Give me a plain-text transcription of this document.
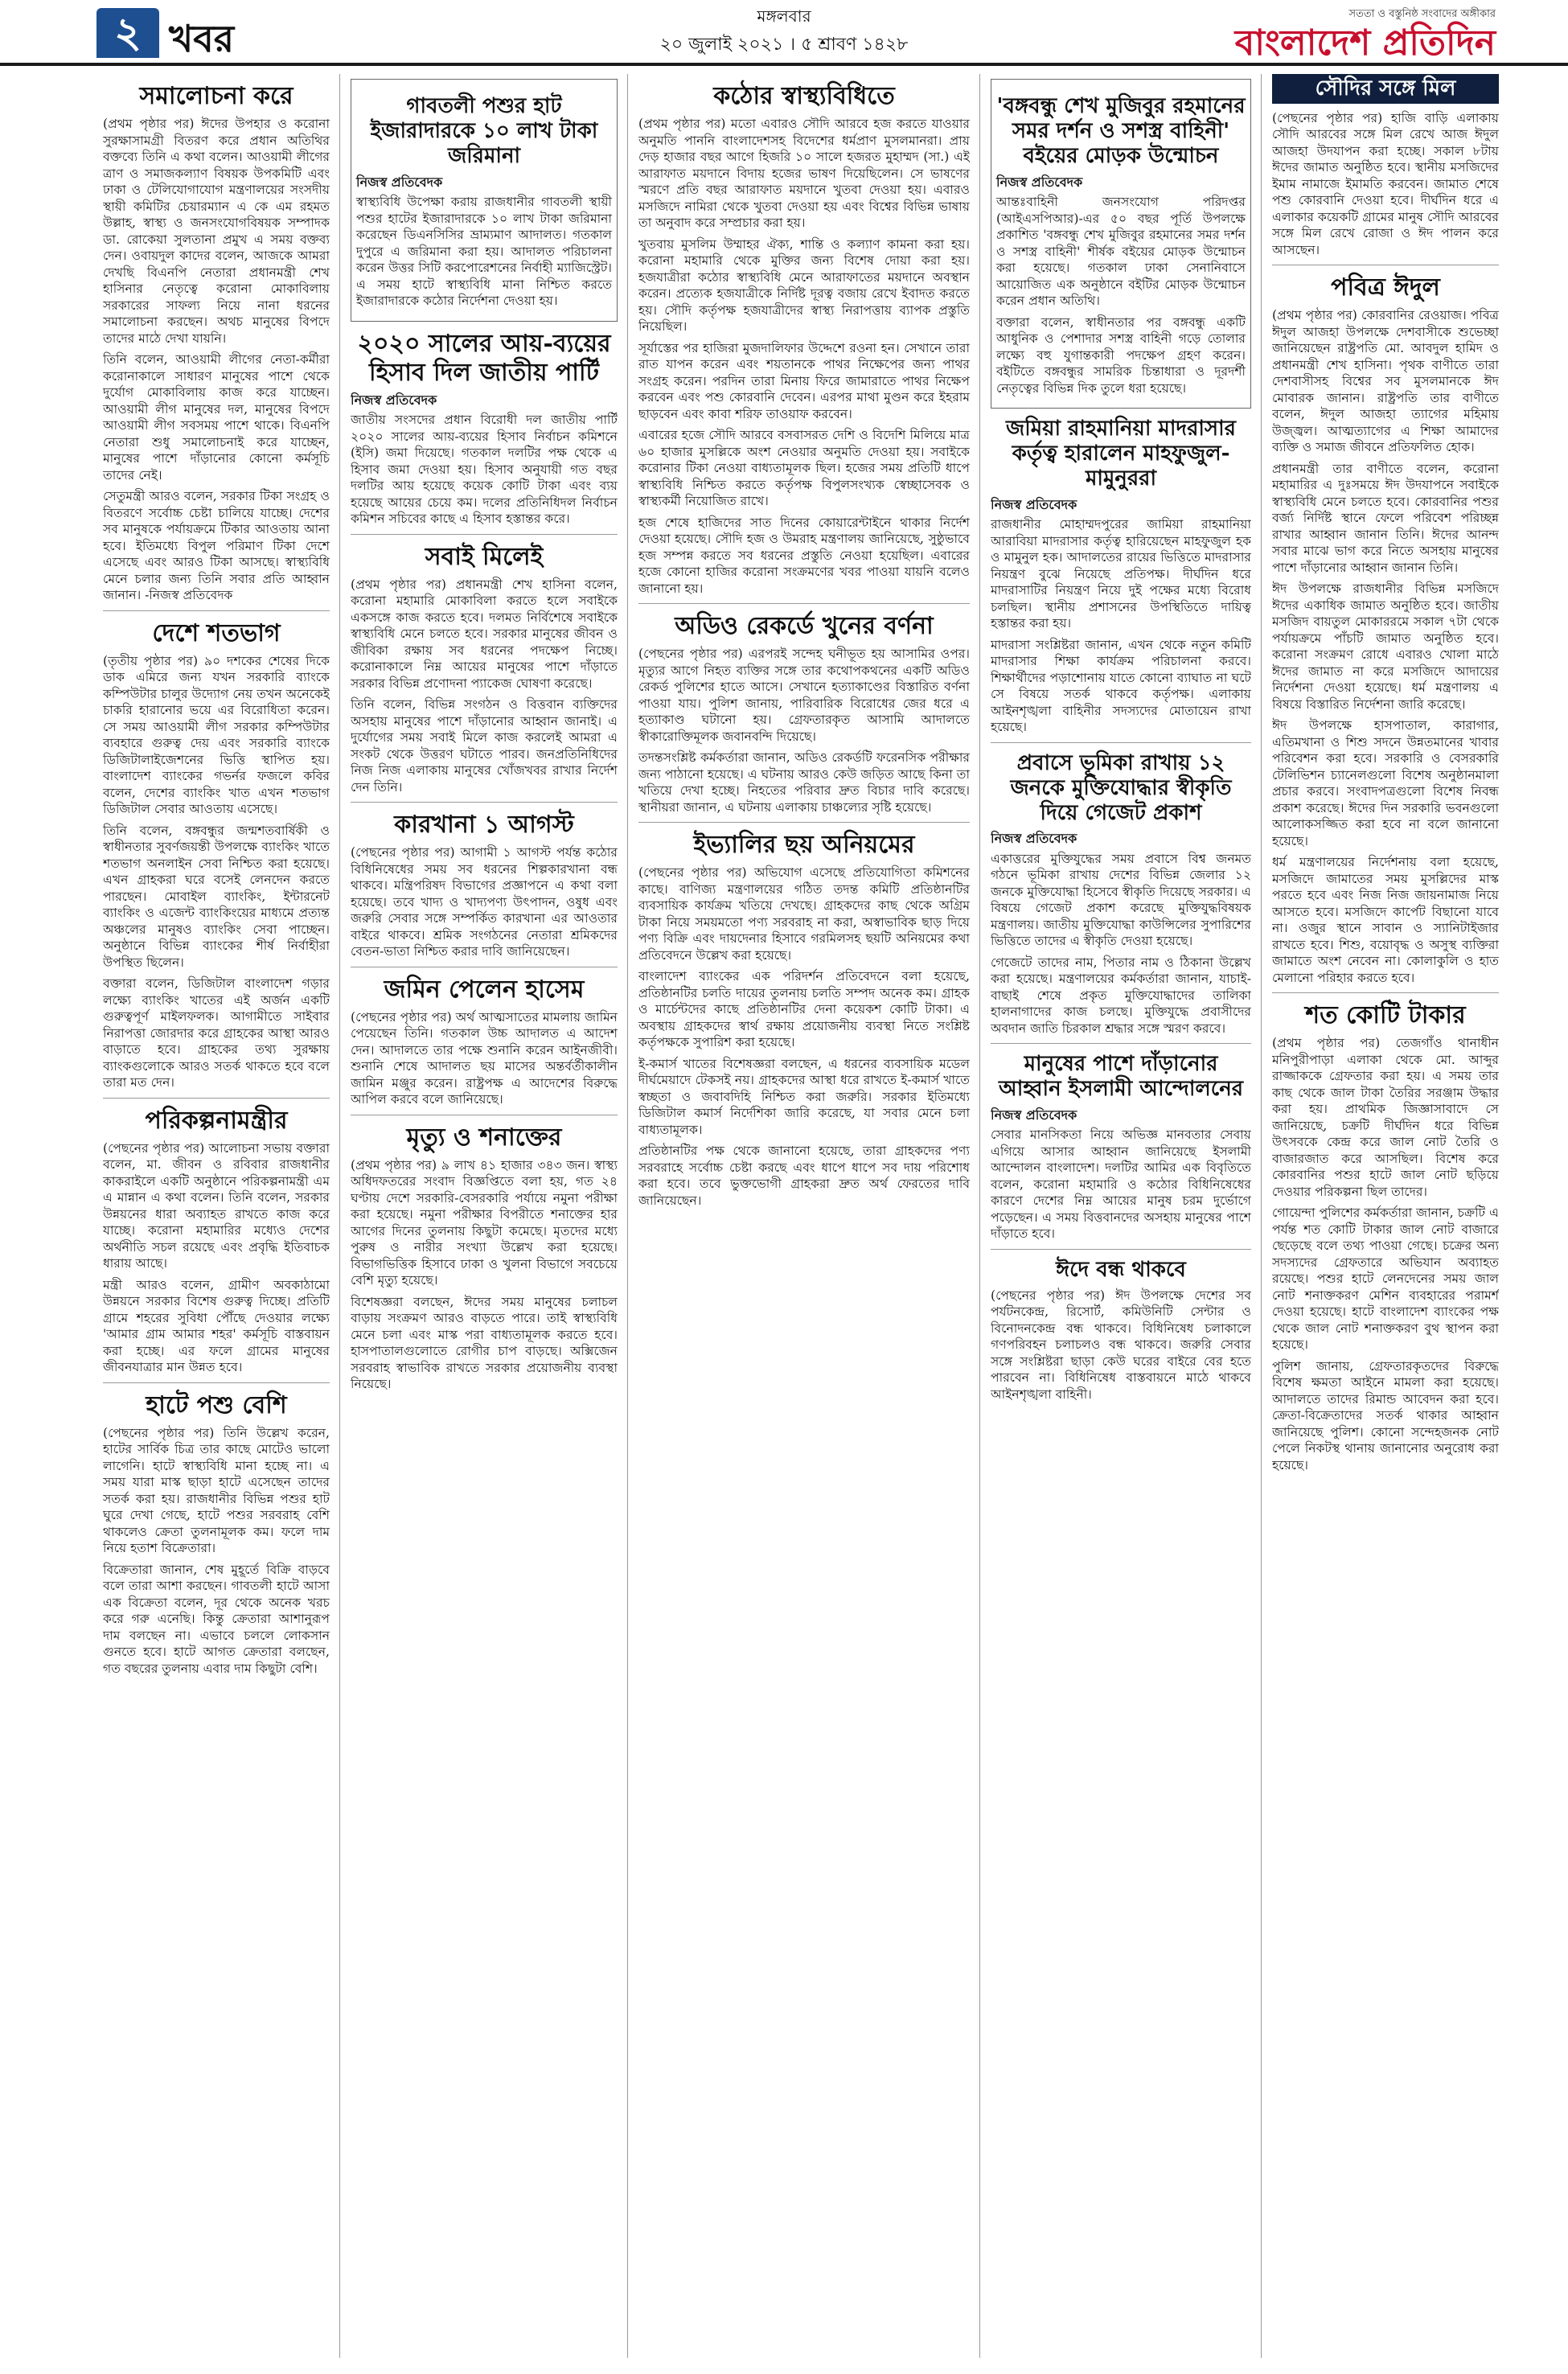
২ খবর
মঙ্গলবার
২০ জুলাই ২০২১ । ৫ শ্রাবণ ১৪২৮
সততা ও বস্তুনিষ্ঠ সংবাদের অঙ্গীকার
বাংলাদেশ প্রতিদিন
সমালোচনা করে

(প্রথম পৃষ্ঠার পর) ঈদের উপহার ও করোনা সুরক্ষাসামগ্রী বিতরণ করে প্রধান অতিথির বক্তব্যে তিনি এ কথা বলেন। আওয়ামী লীগের ত্রাণ ও সমাজকল্যাণ বিষয়ক উপকমিটি এবং ঢাকা ও টেলিযোগাযোগ মন্ত্রণালয়ের সংসদীয় স্থায়ী কমিটির চেয়ারম্যান এ কে এম রহমত উল্লাহ, স্বাস্থ্য ও জনসংযোগবিষয়ক সম্পাদক ডা. রোকেয়া সুলতানা প্রমুখ এ সময় বক্তব্য দেন। ওবায়দুল কাদের বলেন, আজকে আমরা দেখছি বিএনপি নেতারা প্রধানমন্ত্রী শেখ হাসিনার নেতৃত্বে করোনা মোকাবিলায় সরকারের সাফল্য নিয়ে নানা ধরনের সমালোচনা করছেন। অথচ মানুষের বিপদে তাদের মাঠে দেখা যায়নি।

তিনি বলেন, আওয়ামী লীগের নেতা-কর্মীরা করোনাকালে সাধারণ মানুষের পাশে থেকে দুর্যোগ মোকাবিলায় কাজ করে যাচ্ছেন। আওয়ামী লীগ মানুষের দল, মানুষের বিপদে আওয়ামী লীগ সবসময় পাশে থাকে। বিএনপি নেতারা শুধু সমালোচনাই করে যাচ্ছেন, মানুষের পাশে দাঁড়ানোর কোনো কর্মসূচি তাদের নেই।

সেতুমন্ত্রী আরও বলেন, সরকার টিকা সংগ্রহ ও বিতরণে সর্বোচ্চ চেষ্টা চালিয়ে যাচ্ছে। দেশের সব মানুষকে পর্যায়ক্রমে টিকার আওতায় আনা হবে। ইতিমধ্যে বিপুল পরিমাণ টিকা দেশে এসেছে এবং আরও টিকা আসছে। স্বাস্থ্যবিধি মেনে চলার জন্য তিনি সবার প্রতি আহ্বান জানান। -নিজস্ব প্রতিবেদক

দেশে শতভাগ

(তৃতীয় পৃষ্ঠার পর) ৯০ দশকের শেষের দিকে ডাক এমিরে জন্য যখন সরকারি ব্যাংকে কম্পিউটার চালুর উদ্যোগ নেয় তখন অনেকেই চাকরি হারানোর ভয়ে এর বিরোধিতা করেন। সে সময় আওয়ামী লীগ সরকার কম্পিউটার ব্যবহারে গুরুত্ব দেয় এবং সরকারি ব্যাংকে ডিজিটালাইজেশনের ভিত্তি স্থাপিত হয়। বাংলাদেশ ব্যাংকের গভর্নর ফজলে কবির বলেন, দেশের ব্যাংকিং খাত এখন শতভাগ ডিজিটাল সেবার আওতায় এসেছে।

তিনি বলেন, বঙ্গবন্ধুর জন্মশতবার্ষিকী ও স্বাধীনতার সুবর্ণজয়ন্তী উপলক্ষে ব্যাংকিং খাতে শতভাগ অনলাইন সেবা নিশ্চিত করা হয়েছে। এখন গ্রাহকরা ঘরে বসেই লেনদেন করতে পারছেন। মোবাইল ব্যাংকিং, ইন্টারনেট ব্যাংকিং ও এজেন্ট ব্যাংকিংয়ের মাধ্যমে প্রত্যন্ত অঞ্চলের মানুষও ব্যাংকিং সেবা পাচ্ছেন। অনুষ্ঠানে বিভিন্ন ব্যাংকের শীর্ষ নির্বাহীরা উপস্থিত ছিলেন।

বক্তারা বলেন, ডিজিটাল বাংলাদেশ গড়ার লক্ষ্যে ব্যাংকিং খাতের এই অর্জন একটি গুরুত্বপূর্ণ মাইলফলক। আগামীতে সাইবার নিরাপত্তা জোরদার করে গ্রাহকের আস্থা আরও বাড়াতে হবে। গ্রাহকের তথ্য সুরক্ষায় ব্যাংকগুলোকে আরও সতর্ক থাকতে হবে বলে তারা মত দেন।

পরিকল্পনামন্ত্রীর

(পেছনের পৃষ্ঠার পর) আলোচনা সভায় বক্তারা বলেন, মা. জীবন ও রবিবার রাজধানীর কাকরাইলে একটি অনুষ্ঠানে পরিকল্পনামন্ত্রী এম এ মান্নান এ কথা বলেন। তিনি বলেন, সরকার উন্নয়নের ধারা অব্যাহত রাখতে কাজ করে যাচ্ছে। করোনা মহামারির মধ্যেও দেশের অর্থনীতি সচল রয়েছে এবং প্রবৃদ্ধি ইতিবাচক ধারায় আছে।

মন্ত্রী আরও বলেন, গ্রামীণ অবকাঠামো উন্নয়নে সরকার বিশেষ গুরুত্ব দিচ্ছে। প্রতিটি গ্রামে শহরের সুবিধা পৌঁছে দেওয়ার লক্ষ্যে 'আমার গ্রাম আমার শহর' কর্মসূচি বাস্তবায়ন করা হচ্ছে। এর ফলে গ্রামের মানুষের জীবনযাত্রার মান উন্নত হবে।

হাটে পশু বেশি

(পেছনের পৃষ্ঠার পর) তিনি উল্লেখ করেন, হাটের সার্বিক চিত্র তার কাছে মোটেও ভালো লাগেনি। হাটে স্বাস্থ্যবিধি মানা হচ্ছে না। এ সময় যারা মাস্ক ছাড়া হাটে এসেছেন তাদের সতর্ক করা হয়। রাজধানীর বিভিন্ন পশুর হাট ঘুরে দেখা গেছে, হাটে পশুর সরবরাহ বেশি থাকলেও ক্রেতা তুলনামূলক কম। ফলে দাম নিয়ে হতাশ বিক্রেতারা।

বিক্রেতারা জানান, শেষ মুহূর্তে বিক্রি বাড়বে বলে তারা আশা করছেন। গাবতলী হাটে আসা এক বিক্রেতা বলেন, দূর থেকে অনেক খরচ করে গরু এনেছি। কিন্তু ক্রেতারা আশানুরূপ দাম বলছেন না। এভাবে চললে লোকসান গুনতে হবে। হাটে আগত ক্রেতারা বলছেন, গত বছরের তুলনায় এবার দাম কিছুটা বেশি।

গাবতলী পশুর হাট ইজারাদারকে ১০ লাখ টাকা জরিমানা
নিজস্ব প্রতিবেদক

স্বাস্থ্যবিধি উপেক্ষা করায় রাজধানীর গাবতলী স্থায়ী পশুর হাটের ইজারাদারকে ১০ লাখ টাকা জরিমানা করেছেন ডিএনসিসির ভ্রাম্যমাণ আদালত। গতকাল দুপুরে এ জরিমানা করা হয়। আদালত পরিচালনা করেন উত্তর সিটি করপোরেশনের নির্বাহী ম্যাজিস্ট্রেট। এ সময় হাটে স্বাস্থ্যবিধি মানা নিশ্চিত করতে ইজারাদারকে কঠোর নির্দেশনা দেওয়া হয়।

২০২০ সালের আয়-ব্যয়ের হিসাব দিল জাতীয় পার্টি
নিজস্ব প্রতিবেদক

জাতীয় সংসদের প্রধান বিরোধী দল জাতীয় পার্টি ২০২০ সালের আয়-ব্যয়ের হিসাব নির্বাচন কমিশনে (ইসি) জমা দিয়েছে। গতকাল দলটির পক্ষ থেকে এ হিসাব জমা দেওয়া হয়। হিসাব অনুযায়ী গত বছর দলটির আয় হয়েছে কয়েক কোটি টাকা এবং ব্যয় হয়েছে আয়ের চেয়ে কম। দলের প্রতিনিধিদল নির্বাচন কমিশন সচিবের কাছে এ হিসাব হস্তান্তর করে।

সবাই মিলেই

(প্রথম পৃষ্ঠার পর) প্রধানমন্ত্রী শেখ হাসিনা বলেন, করোনা মহামারি মোকাবিলা করতে হলে সবাইকে একসঙ্গে কাজ করতে হবে। দলমত নির্বিশেষে সবাইকে স্বাস্থ্যবিধি মেনে চলতে হবে। সরকার মানুষের জীবন ও জীবিকা রক্ষায় সব ধরনের পদক্ষেপ নিচ্ছে। করোনাকালে নিম্ন আয়ের মানুষের পাশে দাঁড়াতে সরকার বিভিন্ন প্রণোদনা প্যাকেজ ঘোষণা করেছে।

তিনি বলেন, বিভিন্ন সংগঠন ও বিত্তবান ব্যক্তিদের অসহায় মানুষের পাশে দাঁড়ানোর আহ্বান জানাই। এ দুর্যোগের সময় সবাই মিলে কাজ করলেই আমরা এ সংকট থেকে উত্তরণ ঘটাতে পারব। জনপ্রতিনিধিদের নিজ নিজ এলাকায় মানুষের খোঁজখবর রাখার নির্দেশ দেন তিনি।

কারখানা ১ আগস্ট

(পেছনের পৃষ্ঠার পর) আগামী ১ আগস্ট পর্যন্ত কঠোর বিধিনিষেধের সময় সব ধরনের শিল্পকারখানা বন্ধ থাকবে। মন্ত্রিপরিষদ বিভাগের প্রজ্ঞাপনে এ কথা বলা হয়েছে। তবে খাদ্য ও খাদ্যপণ্য উৎপাদন, ওষুধ এবং জরুরি সেবার সঙ্গে সম্পর্কিত কারখানা এর আওতার বাইরে থাকবে। শ্রমিক সংগঠনের নেতারা শ্রমিকদের বেতন-ভাতা নিশ্চিত করার দাবি জানিয়েছেন।

জমিন পেলেন হাসেম

(পেছনের পৃষ্ঠার পর) অর্থ আত্মসাতের মামলায় জামিন পেয়েছেন তিনি। গতকাল উচ্চ আদালত এ আদেশ দেন। আদালতে তার পক্ষে শুনানি করেন আইনজীবী। শুনানি শেষে আদালত ছয় মাসের অন্তর্বর্তীকালীন জামিন মঞ্জুর করেন। রাষ্ট্রপক্ষ এ আদেশের বিরুদ্ধে আপিল করবে বলে জানিয়েছে।

মৃত্যু ও শনাক্তের

(প্রথম পৃষ্ঠার পর) ৯ লাখ ৪১ হাজার ৩৪৩ জন। স্বাস্থ্য অধিদফতরের সংবাদ বিজ্ঞপ্তিতে বলা হয়, গত ২৪ ঘণ্টায় দেশে সরকারি-বেসরকারি পর্যায়ে নমুনা পরীক্ষা করা হয়েছে। নমুনা পরীক্ষার বিপরীতে শনাক্তের হার আগের দিনের তুলনায় কিছুটা কমেছে। মৃতদের মধ্যে পুরুষ ও নারীর সংখ্যা উল্লেখ করা হয়েছে। বিভাগভিত্তিক হিসাবে ঢাকা ও খুলনা বিভাগে সবচেয়ে বেশি মৃত্যু হয়েছে।

বিশেষজ্ঞরা বলছেন, ঈদের সময় মানুষের চলাচল বাড়ায় সংক্রমণ আরও বাড়তে পারে। তাই স্বাস্থ্যবিধি মেনে চলা এবং মাস্ক পরা বাধ্যতামূলক করতে হবে। হাসপাতালগুলোতে রোগীর চাপ বাড়ছে। অক্সিজেন সরবরাহ স্বাভাবিক রাখতে সরকার প্রয়োজনীয় ব্যবস্থা নিয়েছে।

কঠোর স্বাস্থ্যবিধিতে

(প্রথম পৃষ্ঠার পর) মতো এবারও সৌদি আরবে হজ করতে যাওয়ার অনুমতি পাননি বাংলাদেশসহ বিদেশের ধর্মপ্রাণ মুসলমানরা। প্রায় দেড় হাজার বছর আগে হিজরি ১০ সালে হজরত মুহাম্মদ (সা.) এই আরাফাত ময়দানে বিদায় হজের ভাষণ দিয়েছিলেন। সে ভাষণের স্মরণে প্রতি বছর আরাফাত ময়দানে খুতবা দেওয়া হয়। এবারও মসজিদে নামিরা থেকে খুতবা দেওয়া হয় এবং বিশ্বের বিভিন্ন ভাষায় তা অনুবাদ করে সম্প্রচার করা হয়।

খুতবায় মুসলিম উম্মাহর ঐক্য, শান্তি ও কল্যাণ কামনা করা হয়। করোনা মহামারি থেকে মুক্তির জন্য বিশেষ দোয়া করা হয়। হজযাত্রীরা কঠোর স্বাস্থ্যবিধি মেনে আরাফাতের ময়দানে অবস্থান করেন। প্রত্যেক হজযাত্রীকে নির্দিষ্ট দূরত্ব বজায় রেখে ইবাদত করতে হয়। সৌদি কর্তৃপক্ষ হজযাত্রীদের স্বাস্থ্য নিরাপত্তায় ব্যাপক প্রস্তুতি নিয়েছিল।

সূর্যাস্তের পর হাজিরা মুজদালিফার উদ্দেশে রওনা হন। সেখানে তারা রাত যাপন করেন এবং শয়তানকে পাথর নিক্ষেপের জন্য পাথর সংগ্রহ করেন। পরদিন তারা মিনায় ফিরে জামারাতে পাথর নিক্ষেপ করবেন এবং পশু কোরবানি দেবেন। এরপর মাথা মুণ্ডন করে ইহরাম ছাড়বেন এবং কাবা শরিফ তাওয়াফ করবেন।

এবারের হজে সৌদি আরবে বসবাসরত দেশি ও বিদেশি মিলিয়ে মাত্র ৬০ হাজার মুসল্লিকে অংশ নেওয়ার অনুমতি দেওয়া হয়। সবাইকে করোনার টিকা নেওয়া বাধ্যতামূলক ছিল। হজের সময় প্রতিটি ধাপে স্বাস্থ্যবিধি নিশ্চিত করতে কর্তৃপক্ষ বিপুলসংখ্যক স্বেচ্ছাসেবক ও স্বাস্থ্যকর্মী নিয়োজিত রাখে।

হজ শেষে হাজিদের সাত দিনের কোয়ারেন্টাইনে থাকার নির্দেশ দেওয়া হয়েছে। সৌদি হজ ও উমরাহ মন্ত্রণালয় জানিয়েছে, সুষ্ঠুভাবে হজ সম্পন্ন করতে সব ধরনের প্রস্তুতি নেওয়া হয়েছিল। এবারের হজে কোনো হাজির করোনা সংক্রমণের খবর পাওয়া যায়নি বলেও জানানো হয়।

অডিও রেকর্ডে খুনের বর্ণনা

(পেছনের পৃষ্ঠার পর) এরপরই সন্দেহ ঘনীভূত হয় আসামির ওপর। মৃত্যুর আগে নিহত ব্যক্তির সঙ্গে তার কথোপকথনের একটি অডিও রেকর্ড পুলিশের হাতে আসে। সেখানে হত্যাকাণ্ডের বিস্তারিত বর্ণনা পাওয়া যায়। পুলিশ জানায়, পারিবারিক বিরোধের জের ধরে এ হত্যাকাণ্ড ঘটানো হয়। গ্রেফতারকৃত আসামি আদালতে স্বীকারোক্তিমূলক জবানবন্দি দিয়েছে।

তদন্তসংশ্লিষ্ট কর্মকর্তারা জানান, অডিও রেকর্ডটি ফরেনসিক পরীক্ষার জন্য পাঠানো হয়েছে। এ ঘটনায় আরও কেউ জড়িত আছে কিনা তা খতিয়ে দেখা হচ্ছে। নিহতের পরিবার দ্রুত বিচার দাবি করেছে। স্থানীয়রা জানান, এ ঘটনায় এলাকায় চাঞ্চল্যের সৃষ্টি হয়েছে।

ইভ্যালির ছয় অনিয়মের

(পেছনের পৃষ্ঠার পর) অভিযোগ এসেছে প্রতিযোগিতা কমিশনের কাছে। বাণিজ্য মন্ত্রণালয়ের গঠিত তদন্ত কমিটি প্রতিষ্ঠানটির ব্যবসায়িক কার্যক্রম খতিয়ে দেখছে। গ্রাহকদের কাছ থেকে অগ্রিম টাকা নিয়ে সময়মতো পণ্য সরবরাহ না করা, অস্বাভাবিক ছাড় দিয়ে পণ্য বিক্রি এবং দায়দেনার হিসাবে গরমিলসহ ছয়টি অনিয়মের কথা প্রতিবেদনে উল্লেখ করা হয়েছে।

বাংলাদেশ ব্যাংকের এক পরিদর্শন প্রতিবেদনে বলা হয়েছে, প্রতিষ্ঠানটির চলতি দায়ের তুলনায় চলতি সম্পদ অনেক কম। গ্রাহক ও মার্চেন্টদের কাছে প্রতিষ্ঠানটির দেনা কয়েকশ কোটি টাকা। এ অবস্থায় গ্রাহকদের স্বার্থ রক্ষায় প্রয়োজনীয় ব্যবস্থা নিতে সংশ্লিষ্ট কর্তৃপক্ষকে সুপারিশ করা হয়েছে।

ই-কমার্স খাতের বিশেষজ্ঞরা বলছেন, এ ধরনের ব্যবসায়িক মডেল দীর্ঘমেয়াদে টেকসই নয়। গ্রাহকদের আস্থা ধরে রাখতে ই-কমার্স খাতে স্বচ্ছতা ও জবাবদিহি নিশ্চিত করা জরুরি। সরকার ইতিমধ্যে ডিজিটাল কমার্স নির্দেশিকা জারি করেছে, যা সবার মেনে চলা বাধ্যতামূলক।

প্রতিষ্ঠানটির পক্ষ থেকে জানানো হয়েছে, তারা গ্রাহকদের পণ্য সরবরাহে সর্বোচ্চ চেষ্টা করছে এবং ধাপে ধাপে সব দায় পরিশোধ করা হবে। তবে ভুক্তভোগী গ্রাহকরা দ্রুত অর্থ ফেরতের দাবি জানিয়েছেন।

'বঙ্গবন্ধু শেখ মুজিবুর রহমানের সমর দর্শন ও সশস্ত্র বাহিনী' বইয়ের মোড়ক উন্মোচন
নিজস্ব প্রতিবেদক

আন্তঃবাহিনী জনসংযোগ পরিদপ্তর (আইএসপিআর)-এর ৫০ বছর পূর্তি উপলক্ষে প্রকাশিত 'বঙ্গবন্ধু শেখ মুজিবুর রহমানের সমর দর্শন ও সশস্ত্র বাহিনী' শীর্ষক বইয়ের মোড়ক উন্মোচন করা হয়েছে। গতকাল ঢাকা সেনানিবাসে আয়োজিত এক অনুষ্ঠানে বইটির মোড়ক উন্মোচন করেন প্রধান অতিথি।

বক্তারা বলেন, স্বাধীনতার পর বঙ্গবন্ধু একটি আধুনিক ও পেশাদার সশস্ত্র বাহিনী গড়ে তোলার লক্ষ্যে বহু যুগান্তকারী পদক্ষেপ গ্রহণ করেন। বইটিতে বঙ্গবন্ধুর সামরিক চিন্তাধারা ও দূরদর্শী নেতৃত্বের বিভিন্ন দিক তুলে ধরা হয়েছে।

জমিয়া রাহমানিয়া মাদরাসার কর্তৃত্ব হারালেন মাহফুজুল-মামুনুররা
নিজস্ব প্রতিবেদক

রাজধানীর মোহাম্মদপুরের জামিয়া রাহমানিয়া আরাবিয়া মাদরাসার কর্তৃত্ব হারিয়েছেন মাহফুজুল হক ও মামুনুল হক। আদালতের রায়ের ভিত্তিতে মাদরাসার নিয়ন্ত্রণ বুঝে নিয়েছে প্রতিপক্ষ। দীর্ঘদিন ধরে মাদরাসাটির নিয়ন্ত্রণ নিয়ে দুই পক্ষের মধ্যে বিরোধ চলছিল। স্থানীয় প্রশাসনের উপস্থিতিতে দায়িত্ব হস্তান্তর করা হয়।

মাদরাসা সংশ্লিষ্টরা জানান, এখন থেকে নতুন কমিটি মাদরাসার শিক্ষা কার্যক্রম পরিচালনা করবে। শিক্ষার্থীদের পড়াশোনায় যাতে কোনো ব্যাঘাত না ঘটে সে বিষয়ে সতর্ক থাকবে কর্তৃপক্ষ। এলাকায় আইনশৃঙ্খলা বাহিনীর সদস্যদের মোতায়েন রাখা হয়েছে।

প্রবাসে ভূমিকা রাখায় ১২ জনকে মুক্তিযোদ্ধার স্বীকৃতি দিয়ে গেজেট প্রকাশ
নিজস্ব প্রতিবেদক

একাত্তরের মুক্তিযুদ্ধের সময় প্রবাসে বিশ্ব জনমত গঠনে ভূমিকা রাখায় দেশের বিভিন্ন জেলার ১২ জনকে মুক্তিযোদ্ধা হিসেবে স্বীকৃতি দিয়েছে সরকার। এ বিষয়ে গেজেট প্রকাশ করেছে মুক্তিযুদ্ধবিষয়ক মন্ত্রণালয়। জাতীয় মুক্তিযোদ্ধা কাউন্সিলের সুপারিশের ভিত্তিতে তাদের এ স্বীকৃতি দেওয়া হয়েছে।

গেজেটে তাদের নাম, পিতার নাম ও ঠিকানা উল্লেখ করা হয়েছে। মন্ত্রণালয়ের কর্মকর্তারা জানান, যাচাই-বাছাই শেষে প্রকৃত মুক্তিযোদ্ধাদের তালিকা হালনাগাদের কাজ চলছে। মুক্তিযুদ্ধে প্রবাসীদের অবদান জাতি চিরকাল শ্রদ্ধার সঙ্গে স্মরণ করবে।

মানুষের পাশে দাঁড়ানোর আহ্বান ইসলামী আন্দোলনের
নিজস্ব প্রতিবেদক

সেবার মানসিকতা নিয়ে অভিজ্ঞ মানবতার সেবায় এগিয়ে আসার আহ্বান জানিয়েছে ইসলামী আন্দোলন বাংলাদেশ। দলটির আমির এক বিবৃতিতে বলেন, করোনা মহামারি ও কঠোর বিধিনিষেধের কারণে দেশের নিম্ন আয়ের মানুষ চরম দুর্ভোগে পড়েছেন। এ সময় বিত্তবানদের অসহায় মানুষের পাশে দাঁড়াতে হবে।

ঈদে বন্ধ থাকবে

(পেছনের পৃষ্ঠার পর) ঈদ উপলক্ষে দেশের সব পর্যটনকেন্দ্র, রিসোর্ট, কমিউনিটি সেন্টার ও বিনোদনকেন্দ্র বন্ধ থাকবে। বিধিনিষেধ চলাকালে গণপরিবহন চলাচলও বন্ধ থাকবে। জরুরি সেবার সঙ্গে সংশ্লিষ্টরা ছাড়া কেউ ঘরের বাইরে বের হতে পারবেন না। বিধিনিষেধ বাস্তবায়নে মাঠে থাকবে আইনশৃঙ্খলা বাহিনী।

সৌদির সঙ্গে মিল

(পেছনের পৃষ্ঠার পর) হাজি বাড়ি এলাকায় সৌদি আরবের সঙ্গে মিল রেখে আজ ঈদুল আজহা উদযাপন করা হচ্ছে। সকাল ৮টায় ঈদের জামাত অনুষ্ঠিত হবে। স্থানীয় মসজিদের ইমাম নামাজে ইমামতি করবেন। জামাত শেষে পশু কোরবানি দেওয়া হবে। দীর্ঘদিন ধরে এ এলাকার কয়েকটি গ্রামের মানুষ সৌদি আরবের সঙ্গে মিল রেখে রোজা ও ঈদ পালন করে আসছেন।

পবিত্র ঈদুল

(প্রথম পৃষ্ঠার পর) কোরবানির রেওয়াজ। পবিত্র ঈদুল আজহা উপলক্ষে দেশবাসীকে শুভেচ্ছা জানিয়েছেন রাষ্ট্রপতি মো. আবদুল হামিদ ও প্রধানমন্ত্রী শেখ হাসিনা। পৃথক বাণীতে তারা দেশবাসীসহ বিশ্বের সব মুসলমানকে ঈদ মোবারক জানান। রাষ্ট্রপতি তার বাণীতে বলেন, ঈদুল আজহা ত্যাগের মহিমায় উজ্জ্বল। আত্মত্যাগের এ শিক্ষা আমাদের ব্যক্তি ও সমাজ জীবনে প্রতিফলিত হোক।

প্রধানমন্ত্রী তার বাণীতে বলেন, করোনা মহামারির এ দুঃসময়ে ঈদ উদযাপনে সবাইকে স্বাস্থ্যবিধি মেনে চলতে হবে। কোরবানির পশুর বর্জ্য নির্দিষ্ট স্থানে ফেলে পরিবেশ পরিচ্ছন্ন রাখার আহ্বান জানান তিনি। ঈদের আনন্দ সবার মাঝে ভাগ করে নিতে অসহায় মানুষের পাশে দাঁড়ানোর আহ্বান জানান তিনি।

ঈদ উপলক্ষে রাজধানীর বিভিন্ন মসজিদে ঈদের একাধিক জামাত অনুষ্ঠিত হবে। জাতীয় মসজিদ বায়তুল মোকাররমে সকাল ৭টা থেকে পর্যায়ক্রমে পাঁচটি জামাত অনুষ্ঠিত হবে। করোনা সংক্রমণ রোধে এবারও খোলা মাঠে ঈদের জামাত না করে মসজিদে আদায়ের নির্দেশনা দেওয়া হয়েছে। ধর্ম মন্ত্রণালয় এ বিষয়ে বিস্তারিত নির্দেশনা জারি করেছে।

ঈদ উপলক্ষে হাসপাতাল, কারাগার, এতিমখানা ও শিশু সদনে উন্নতমানের খাবার পরিবেশন করা হবে। সরকারি ও বেসরকারি টেলিভিশন চ্যানেলগুলো বিশেষ অনুষ্ঠানমালা প্রচার করবে। সংবাদপত্রগুলো বিশেষ নিবন্ধ প্রকাশ করেছে। ঈদের দিন সরকারি ভবনগুলো আলোকসজ্জিত করা হবে না বলে জানানো হয়েছে।

ধর্ম মন্ত্রণালয়ের নির্দেশনায় বলা হয়েছে, মসজিদে জামাতের সময় মুসল্লিদের মাস্ক পরতে হবে এবং নিজ নিজ জায়নামাজ নিয়ে আসতে হবে। মসজিদে কার্পেট বিছানো যাবে না। ওজুর স্থানে সাবান ও স্যানিটাইজার রাখতে হবে। শিশু, বয়োবৃদ্ধ ও অসুস্থ ব্যক্তিরা জামাতে অংশ নেবেন না। কোলাকুলি ও হাত মেলানো পরিহার করতে হবে।

শত কোটি টাকার

(প্রথম পৃষ্ঠার পর) তেজগাঁও থানাধীন মনিপুরীপাড়া এলাকা থেকে মো. আব্দুর রাজ্জাককে গ্রেফতার করা হয়। এ সময় তার কাছ থেকে জাল টাকা তৈরির সরঞ্জাম উদ্ধার করা হয়। প্রাথমিক জিজ্ঞাসাবাদে সে জানিয়েছে, চক্রটি দীর্ঘদিন ধরে বিভিন্ন উৎসবকে কেন্দ্র করে জাল নোট তৈরি ও বাজারজাত করে আসছিল। বিশেষ করে কোরবানির পশুর হাটে জাল নোট ছড়িয়ে দেওয়ার পরিকল্পনা ছিল তাদের।

গোয়েন্দা পুলিশের কর্মকর্তারা জানান, চক্রটি এ পর্যন্ত শত কোটি টাকার জাল নোট বাজারে ছেড়েছে বলে তথ্য পাওয়া গেছে। চক্রের অন্য সদস্যদের গ্রেফতারে অভিযান অব্যাহত রয়েছে। পশুর হাটে লেনদেনের সময় জাল নোট শনাক্তকরণ মেশিন ব্যবহারের পরামর্শ দেওয়া হয়েছে। হাটে বাংলাদেশ ব্যাংকের পক্ষ থেকে জাল নোট শনাক্তকরণ বুথ স্থাপন করা হয়েছে।

পুলিশ জানায়, গ্রেফতারকৃতদের বিরুদ্ধে বিশেষ ক্ষমতা আইনে মামলা করা হয়েছে। আদালতে তাদের রিমান্ড আবেদন করা হবে। ক্রেতা-বিক্রেতাদের সতর্ক থাকার আহ্বান জানিয়েছে পুলিশ। কোনো সন্দেহজনক নোট পেলে নিকটস্থ থানায় জানানোর অনুরোধ করা হয়েছে।
